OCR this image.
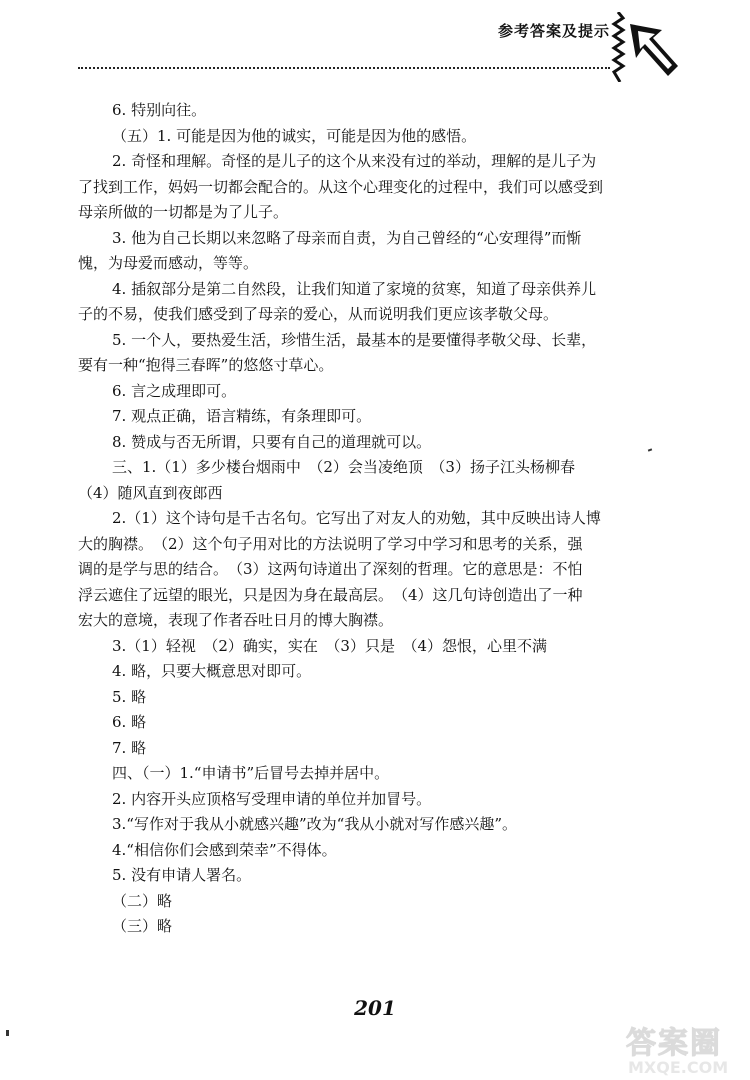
参考答案及提示
6. 特别向往。
（五）1. 可能是因为他的诚实，可能是因为他的感悟。
2. 奇怪和理解。奇怪的是儿子的这个从来没有过的举动，理解的是儿子为
了找到工作，妈妈一切都会配合的。从这个心理变化的过程中，我们可以感受到
母亲所做的一切都是为了儿子。
3. 他为自己长期以来忽略了母亲而自责，为自己曾经的“心安理得”而惭
愧，为母爱而感动，等等。
4. 插叙部分是第二自然段，让我们知道了家境的贫寒，知道了母亲供养儿
子的不易，使我们感受到了母亲的爱心，从而说明我们更应该孝敬父母。
5. 一个人，要热爱生活，珍惜生活，最基本的是要懂得孝敬父母、长辈，
要有一种“抱得三春晖”的悠悠寸草心。
6. 言之成理即可。
7. 观点正确，语言精练，有条理即可。
8. 赞成与否无所谓，只要有自己的道理就可以。
三、1.（1）多少楼台烟雨中　（2）会当凌绝顶　（3）扬子江头杨柳春
（4）随风直到夜郎西
2.（1）这个诗句是千古名句。它写出了对友人的劝勉，其中反映出诗人博
大的胸襟。　（2）这个句子用对比的方法说明了学习中学习和思考的关系，强
调的是学与思的结合。　（3）这两句诗道出了深刻的哲理。它的意思是：不怕
浮云遮住了远望的眼光，只是因为身在最高层。　（4）这几句诗创造出了一种
宏大的意境，表现了作者吞吐日月的博大胸襟。
3.（1）轻视　（2）确实，实在　（3）只是　（4）怨恨，心里不满
4. 略，只要大概意思对即可。
5. 略
6. 略
7. 略
四、（一）1.“申请书”后冒号去掉并居中。
2. 内容开头应顶格写受理申请的单位并加冒号。
3.“写作对于我从小就感兴趣”改为“我从小就对写作感兴趣”。
4.“相信你们会感到荣幸”不得体。
5. 没有申请人署名。
（二）略
（三）略
201
答案圈
MXQE.COM
